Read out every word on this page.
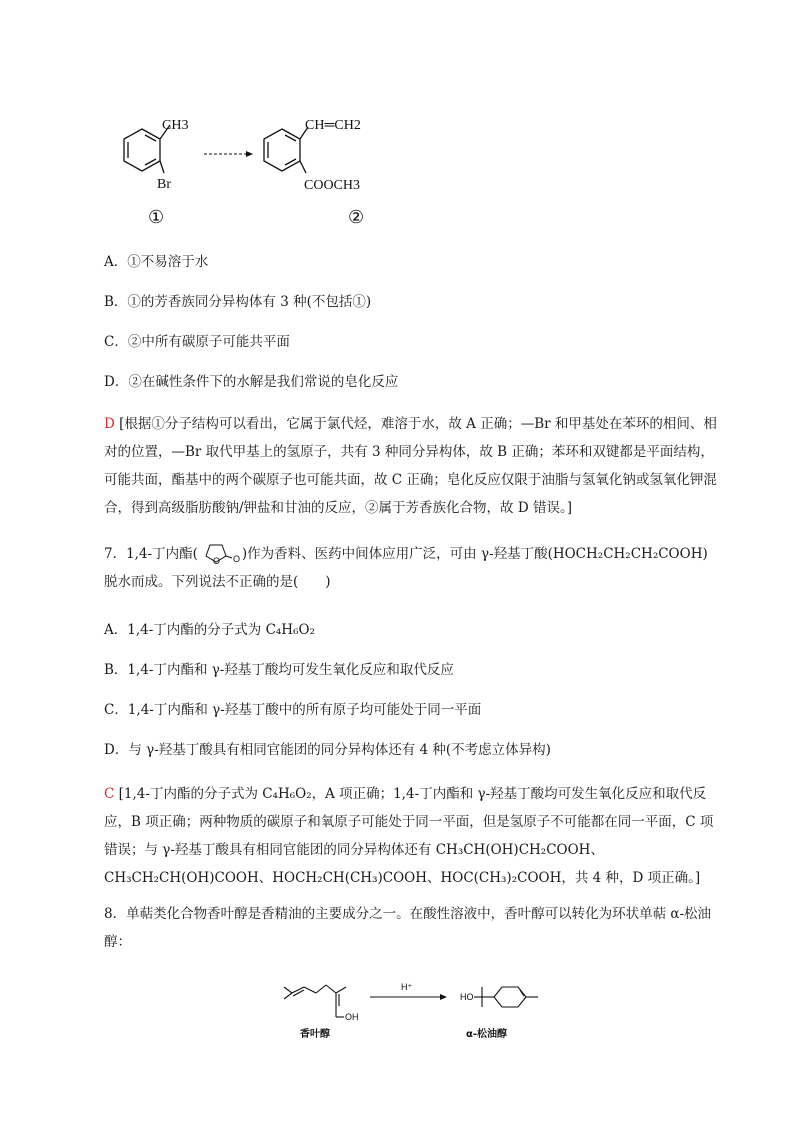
CH3
Br
①
CH═CH2
COOCH3
②
A．①不易溶于水
B．①的芳香族同分异构体有 3 种(不包括①)
C．②中所有碳原子可能共平面
D．②在碱性条件下的水解是我们常说的皂化反应
D [根据①分子结构可以看出，它属于氯代烃，难溶于水，故 A 正确；—Br 和甲基处在苯环的相间、相对的位置，—Br 取代甲基上的氢原子，共有 3 种同分异构体，故 B 正确；苯环和双键都是平面结构，可能共面，酯基中的两个碳原子也可能共面，故 C 正确；皂化反应仅限于油脂与氢氧化钠或氢氧化钾混合，得到高级脂肪酸钠/钾盐和甘油的反应，②属于芳香族化合物，故 D 错误。]
7．1,4-丁内酯( O O )作为香料、医药中间体应用广泛，可由 γ-羟基丁酸(HOCH₂CH₂CH₂COOH)脱水而成。下列说法不正确的是(　　)
A．1,4-丁内酯的分子式为 C₄H₆O₂
B．1,4-丁内酯和 γ-羟基丁酸均可发生氧化反应和取代反应
C．1,4-丁内酯和 γ-羟基丁酸中的所有原子均可能处于同一平面
D．与 γ-羟基丁酸具有相同官能团的同分异构体还有 4 种(不考虑立体异构)
C [1,4-丁内酯的分子式为 C₄H₆O₂，A 项正确；1,4-丁内酯和 γ-羟基丁酸均可发生氧化反应和取代反应，B 项正确；两种物质的碳原子和氧原子可能处于同一平面，但是氢原子不可能都在同一平面，C 项错误；与 γ-羟基丁酸具有相同官能团的同分异构体还有 CH₃CH(OH)CH₂COOH、CH₃CH₂CH(OH)COOH、HOCH₂CH(CH₃)COOH、HOC(CH₃)₂COOH，共 4 种，D 项正确。]
8．单萜类化合物香叶醇是香精油的主要成分之一。在酸性溶液中，香叶醇可以转化为环状单萜 α-松油醇：
OH
香叶醇
H⁺
HO
α-松油醇
